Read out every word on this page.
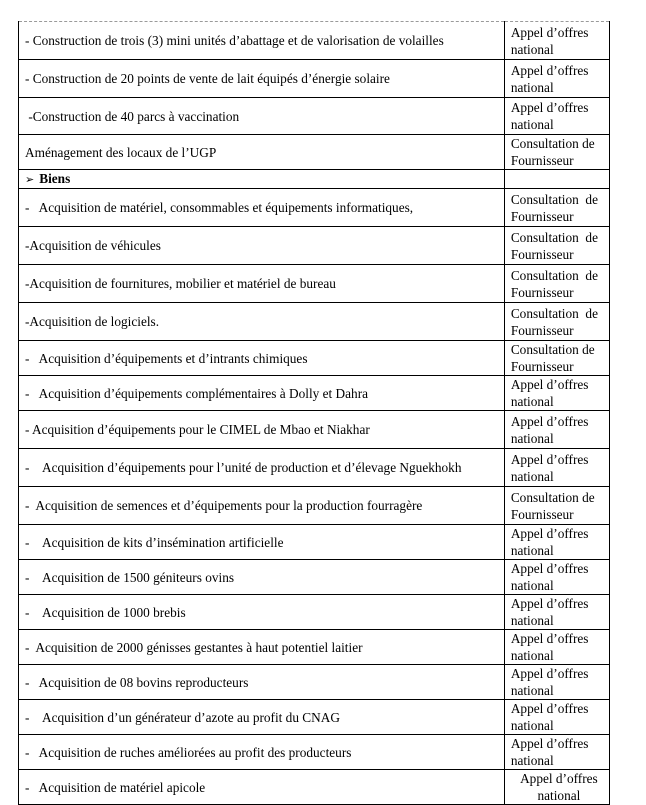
- Construction de trois (3) mini unités d’abattage et de valorisation de volailles	Appel d’offres
national
- Construction de 20 points de vente de lait équipés d’énergie solaire	Appel d’offres
national
-Construction de 40 parcs à vaccination	Appel d’offres
national
Aménagement des locaux de l’UGP	Consultation de
Fournisseur
➢ Biens	
-   Acquisition de matériel, consommables et équipements informatiques,	Consultation  de
Fournisseur
-Acquisition de véhicules	Consultation  de
Fournisseur
-Acquisition de fournitures, mobilier et matériel de bureau	Consultation  de
Fournisseur
-Acquisition de logiciels.	Consultation  de
Fournisseur
-   Acquisition d’équipements et d’intrants chimiques	Consultation de
Fournisseur
-   Acquisition d’équipements complémentaires à Dolly et Dahra	Appel d’offres
national
- Acquisition d’équipements pour le CIMEL de Mbao et Niakhar	Appel d’offres
national
-    Acquisition d’équipements pour l’unité de production et d’élevage Nguekhokh	Appel d’offres
national
-  Acquisition de semences et d’équipements pour la production fourragère	Consultation de
Fournisseur
-    Acquisition de kits d’insémination artificielle	Appel d’offres
national
-    Acquisition de 1500 géniteurs ovins	Appel d’offres
national
-    Acquisition de 1000 brebis	Appel d’offres
national
-  Acquisition de 2000 génisses gestantes à haut potentiel laitier	Appel d’offres
national
-   Acquisition de 08 bovins reproducteurs	Appel d’offres
national
-    Acquisition d’un générateur d’azote au profit du CNAG	Appel d’offres
national
-   Acquisition de ruches améliorées au profit des producteurs	Appel d’offres
national
-   Acquisition de matériel apicole	Appel d’offres
national
